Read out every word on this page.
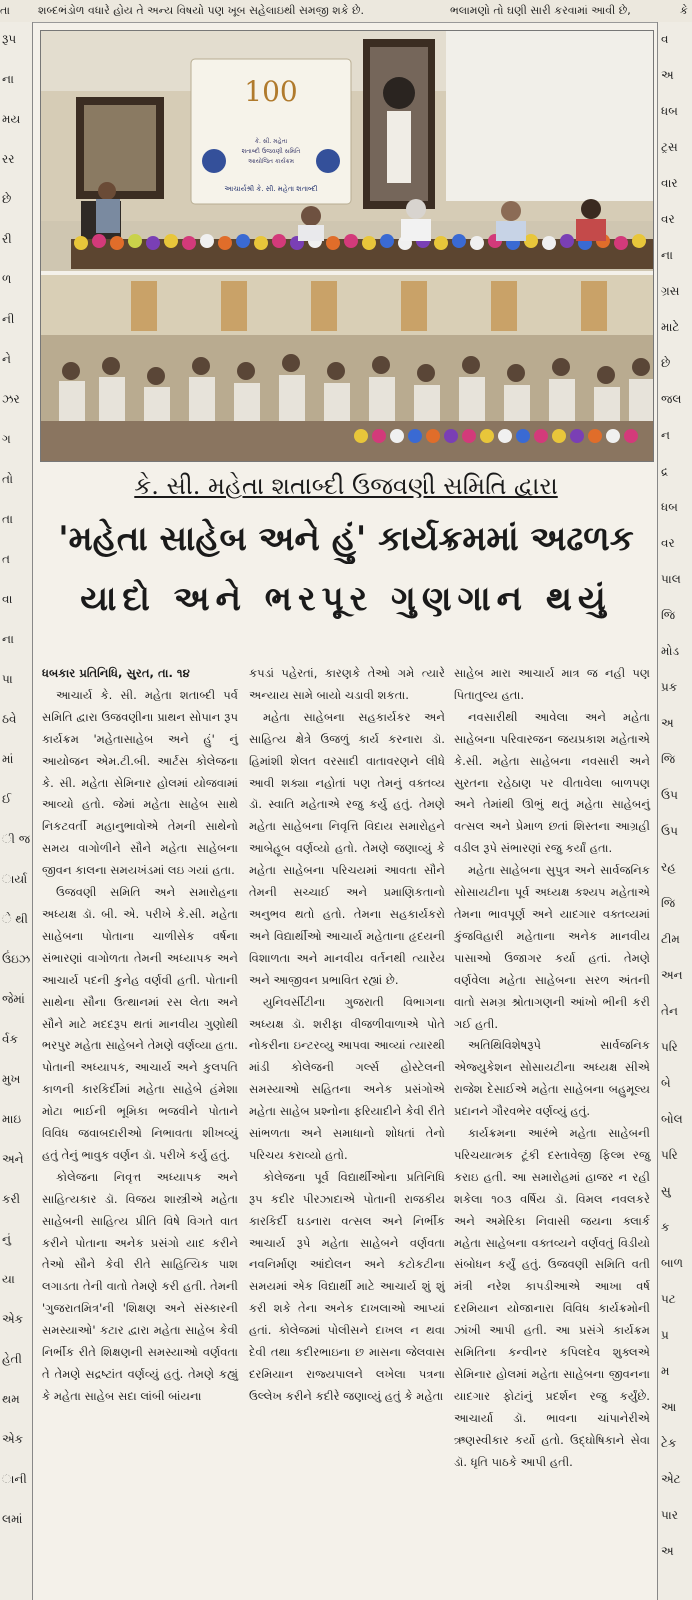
તા	શબ્દભંડોળ વધારે હોય તે અન્ય વિષયો પણ ખૂબ સહેલાઇથી સમજી શકે છે.	ભલામણો તો ઘણી સારી કરવામાં આવી છે,	કે
રૂપ
ના
મય
રર
છે
રી
ળ
ની
ને
ઝર
ગ
તો
તા
ત
વા
ના
પા
ઠવે
માં
ઈ
ી જ
ાર્યા
ે થી
ઉંઇઝ
જેમાં
ર્વક
મુખ
માઇ
અને
કરી
નું
યા
એક
હેતી
થમ
એક
ાની
લમાં
વ
અ
ધબ
ટ્રસ
વાર
વર
ના
ગ્રસ
માટે
છે
જલ
ન
દ્ર
ધબ
વર
પાલ
જિ
મોડ
પ્રક
અ
જિ
ઉપ
ઉપ
રહ
જિ
ટીમ
અન
તેન
પરિ
બે
બોલ
પરિ
સુ
ક
બાળ
પટ
પ્ર
મ
આ
ટેક
એટ
પાર
અ
100
કે. સી. મહેતા
શતાબ્દી ઉજવણી સમિતિ
આયોજિત કાર્યક્રમ
આચાર્યશ્રી કે. સી. મહેતા શતાબ્દી
કે. સી. મહેતા શતાબ્દી ઉજવણી સમિતિ દ્વારા
'મહેતા સાહેબ અને હું' કાર્યક્રમમાં અઢળક
યાદો અને ભરપૂર ગુણગાન થયું

ધબકાર પ્રતિનિધિ, સુરત, તા. ૧૪

આચાર્ય કે. સી. મહેતા શતાબ્દી પર્વ સમિતિ દ્વારા ઉજવણીના પ્રાથન સોપાન રૂપ કાર્યક્રમ 'મહેતાસાહેબ અને હું' નું આયોજન એમ.ટી.બી. આર્ટસ કોલેજના કે. સી. મહેતા સેમિનાર હોલમાં યોજવામાં આવ્યો હતો. જેમાં મહેતા સાહેબ સાથે નિકટવર્તી મહાનુભાવોએ તેમની સાથેનો સમય વાગોળીને સૌને મહેતા સાહેબના જીવન કાલના સમયખંડમાં લઇ ગયાં હતા.

ઉજવણી સમિતિ અને સમારોહના અધ્યક્ષ ડૉ. બી. એ. પરીખે કે.સી. મહેતા સાહેબના પોતાના ચાળીસેક વર્ષના સંભારણાં વાગોળતા તેમની અધ્યાપક અને આચાર્ય પદની કુનેહ વર્ણવી હતી. પોતાની સાથેના સૌના ઉત્થાનમાં રસ લેતા અને સૌને માટે મદદરૂપ થતાં માનવીય ગુણોથી ભરપુર મહેતા સાહેબને તેમણે વર્ણવ્યા હતા. પોતાની અધ્યાપક, આચાર્ય અને કુલપતિ કાળની કારકિર્દીમાં મહેતા સાહેબે હંમેશા મોટા ભાઈની ભૂમિકા ભજવીને પોતાને વિવિધ જવાબદારીઓ નિભાવતા શીખવ્યું હતું તેનું ભાવુક વર્ણન ડૉ. પરીખે કર્યુ હતું.

કોલેજના નિવૃત્ત અધ્યાપક અને સાહિત્યકાર ડૉ. વિજય શાસ્ત્રીએ મહેતા સાહેબની સાહિત્ય પ્રીતિ વિષે વિગતે વાત કરીને પોતાના અનેક પ્રસંગો યાદ કરીને તેઓ સૌને કેવી રીતે સાહિત્યિક પાશ લગાડતા તેની વાતો તેમણે કરી હતી. તેમની 'ગુજરાતમિત્ર'ની 'શિક્ષણ અને સંસ્કારની સમસ્યાઓ' કટાર દ્વારા મહેતા સાહેબ કેવી નિર્ભીક રીતે શિક્ષણની સમસ્યાઓ વર્ણવતા તે તેમણે સદ્રષ્ટાંત વર્ણવ્યું હતું. તેમણે કહ્યું કે મહેતા સાહેબ સદા લાંબી બાંયના

કપડાં પહેરતાં, કારણકે તેઓ ગમે ત્યારે અન્યાય સામે બાયો ચડાવી શકતા.

મહેતા સાહેબના સહકાર્યકર અને સાહિત્ય ક્ષેત્રે ઉજળું કાર્ય કરનારા ડૉ. હિમાંશી શેલત વરસાદી વાતાવરણને લીધે આવી શક્યા નહોતાં પણ તેમનું વક્તવ્ય ડૉ. સ્વાતિ મહેતાએ રજુ કર્યુ હતું. તેમણે મહેતા સાહેબના નિવૃત્તિ વિદાય સમારોહને આબેહૂબ વર્ણવ્યો હતો. તેમણે જણાવ્યું કે મહેતા સાહેબના પરિચયમાં આવતા સૌને તેમની સચ્ચાઈ અને પ્રમાણિકતાનો અનુભવ થતો હતો. તેમના સહકાર્યકરો અને વિદ્યાર્થીઓ આચાર્ય મહેતાના હૃદયની વિશાળતા અને માનવીય વર્તનથી ત્યારેય અને આજીવન પ્રભાવિત રહ્યાં છે.

યુનિવર્સીટીના ગુજરાતી વિભાગના અધ્યક્ષ ડૉ. શરીફા વીજળીવાળાએ પોતે નોકરીના ઇન્ટરવ્યુ આપવા આવ્યાં ત્યારથી માંડી કોલેજની ગર્લ્સ હોસ્ટેલની સમસ્યાઓ સહિતના અનેક પ્રસંગોએ મહેતા સાહેબ પ્રશ્નોના ફરિયાદીને કેવી રીતે સાંભળતા અને સમાધાનો શોધતાં તેનો પરિચય કરાવ્યો હતો.

કોલેજના પૂર્વ વિદ્યાર્થીઓના પ્રતિનિધિ રૂપ કદીર પીરઝાદાએ પોતાની રાજકીય કારકિર્દી ઘડનારા વત્સલ અને નિર્ભીક આચાર્ય રૂપે મહેતા સાહેબને વર્ણવતા નવનિર્માણ આંદોલન અને કટોકટીના સમયમાં એક વિદ્યાર્થી માટે આચાર્ય શું શું કરી શકે તેના અનેક દાખલાઓ આપ્યાં હતાં. કોલેજમાં પોલીસને દાખલ ન થવા દેવી તથા કદીરભાઇના છ માસના જેલવાસ દરમિયાન રાજ્યપાલને લખેલા પત્રના ઉલ્લેખ કરીને કદીરે જણાવ્યું હતું કે મહેતા

સાહેબ મારા આચાર્ય માત્ર જ નહી પણ પિતાતુલ્ય હતા.

નવસારીથી આવેલા અને મહેતા સાહેબના પરિવારજન જયપ્રકાશ મહેતાએ કે.સી. મહેતા સાહેબના નવસારી અને સુરતના રહેઠાણ પર વીતાવેલા બાળપણ અને તેમાંથી ઊભું થતું મહેતા સાહેબનું વત્સલ અને પ્રેમાળ છતાં શિસ્તના આગ્રહી વડીલ રૂપે સંભારણાં રજુ કર્યાં હતા.

મહેતા સાહેબના સુપુત્ર અને સાર્વજનિક સોસાયટીના પૂર્વ અધ્યક્ષ કશ્યપ મહેતાએ તેમના ભાવપૂર્ણ અને યાદગાર વક્તવ્યમાં કુંજવિહારી મહેતાના અનેક માનવીય પાસાઓ ઉજાગર કર્યા હતાં. તેમણે વર્ણવેલા મહેતા સાહેબના સરળ અંતની વાતો સમગ્ર શ્રોતાગણની આંખો ભીની કરી ગઈ હતી.

અતિથિવિશેષરૂપે સાર્વજનિક એજ્યુકેશન સોસાયટીના અધ્યક્ષ સીએ રાજેશ દેસાઈએ મહેતા સાહેબના બહુમૂલ્ય પ્રદાનને ગૌરવભેર વર્ણવ્યું હતું.

કાર્યક્રમના આરંભે મહેતા સાહેબની પરિચયાત્મક ટૂંકી દસ્તાવેજી ફિલ્મ રજુ કરાઇ હતી. આ સમારોહમાં હાજર ન રહી શકેલા ૧૦૩ વર્ષિય ડૉ. વિમલ નવલકરે અને અમેરિકા નિવાસી જયના ક્લાર્ક મહેતા સાહેબના વક્તવ્યને વર્ણવતું વિડીયો સંબોધન કર્યું હતું. ઉજવણી સમિતિ વતી મંત્રી નરેશ કાપડીઆએ આખા વર્ષ દરમિયાન યોજાનારા વિવિધ કાર્યક્રમોની ઝાંખી આપી હતી. આ પ્રસંગે કાર્યક્રમ સમિતિના કન્વીનર કપિલદેવ શુક્લએ સેમિનાર હોલમાં મહેતા સાહેબના જીવનના યાદગાર ફોટાંનું પ્રદર્શન રજુ કર્યુંછે. આચાર્યા ડૉ. ભાવના ચાંપાનેરીએ ઋણસ્વીકાર કર્યો હતો. ઉદ્ઘોષિકાને સેવા ડૉ. ધૃતિ પાઠકે આપી હતી.
